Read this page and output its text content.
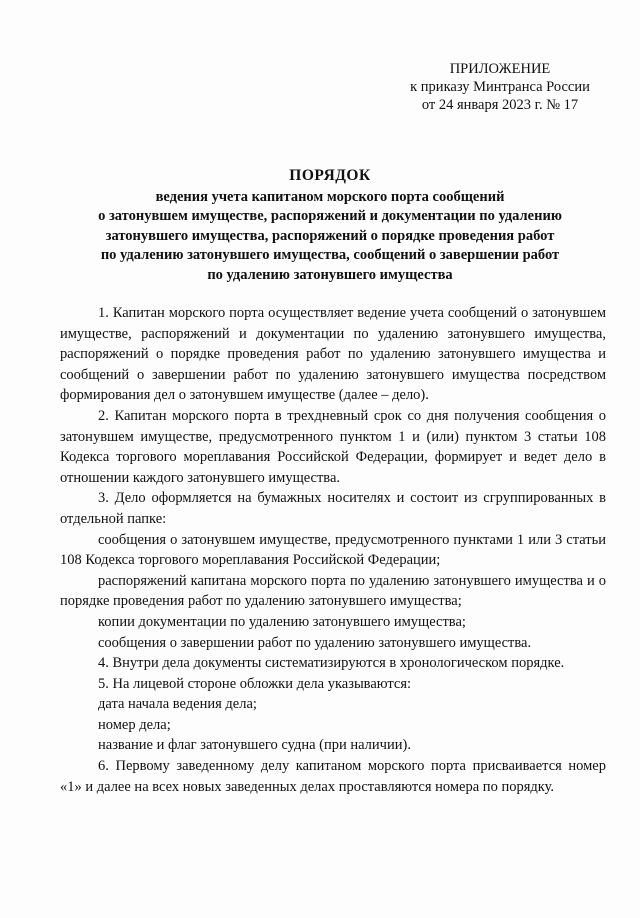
ПРИЛОЖЕНИЕ
к приказу Минтранса России
от 24 января 2023 г. № 17
ПОРЯДОК
ведения учета капитаном морского порта сообщений
о затонувшем имуществе, распоряжений и документации по удалению
затонувшего имущества, распоряжений о порядке проведения работ
по удалению затонувшего имущества, сообщений о завершении работ
по удалению затонувшего имущества

1. Капитан морского порта осуществляет ведение учета сообщений о затонувшем имуществе, распоряжений и документации по удалению затонувшего имущества, распоряжений о порядке проведения работ по удалению затонувшего имущества и сообщений о завершении работ по удалению затонувшего имущества посредством формирования дел о затонувшем имуществе (далее – дело).

2. Капитан морского порта в трехдневный срок со дня получения сообщения о затонувшем имуществе, предусмотренного пунктом 1 и (или) пунктом 3 статьи 108 Кодекса торгового мореплавания Российской Федерации, формирует и ведет дело в отношении каждого затонувшего имущества.

3. Дело оформляется на бумажных носителях и состоит из сгруппированных в отдельной папке:

сообщения о затонувшем имуществе, предусмотренного пунктами 1 или 3 статьи 108 Кодекса торгового мореплавания Российской Федерации;

распоряжений капитана морского порта по удалению затонувшего имущества и о порядке проведения работ по удалению затонувшего имущества;

копии документации по удалению затонувшего имущества;

сообщения о завершении работ по удалению затонувшего имущества.

4. Внутри дела документы систематизируются в хронологическом порядке.

5. На лицевой стороне обложки дела указываются:

дата начала ведения дела;

номер дела;

название и флаг затонувшего судна (при наличии).

6. Первому заведенному делу капитаном морского порта присваивается номер «1» и далее на всех новых заведенных делах проставляются номера по порядку.
